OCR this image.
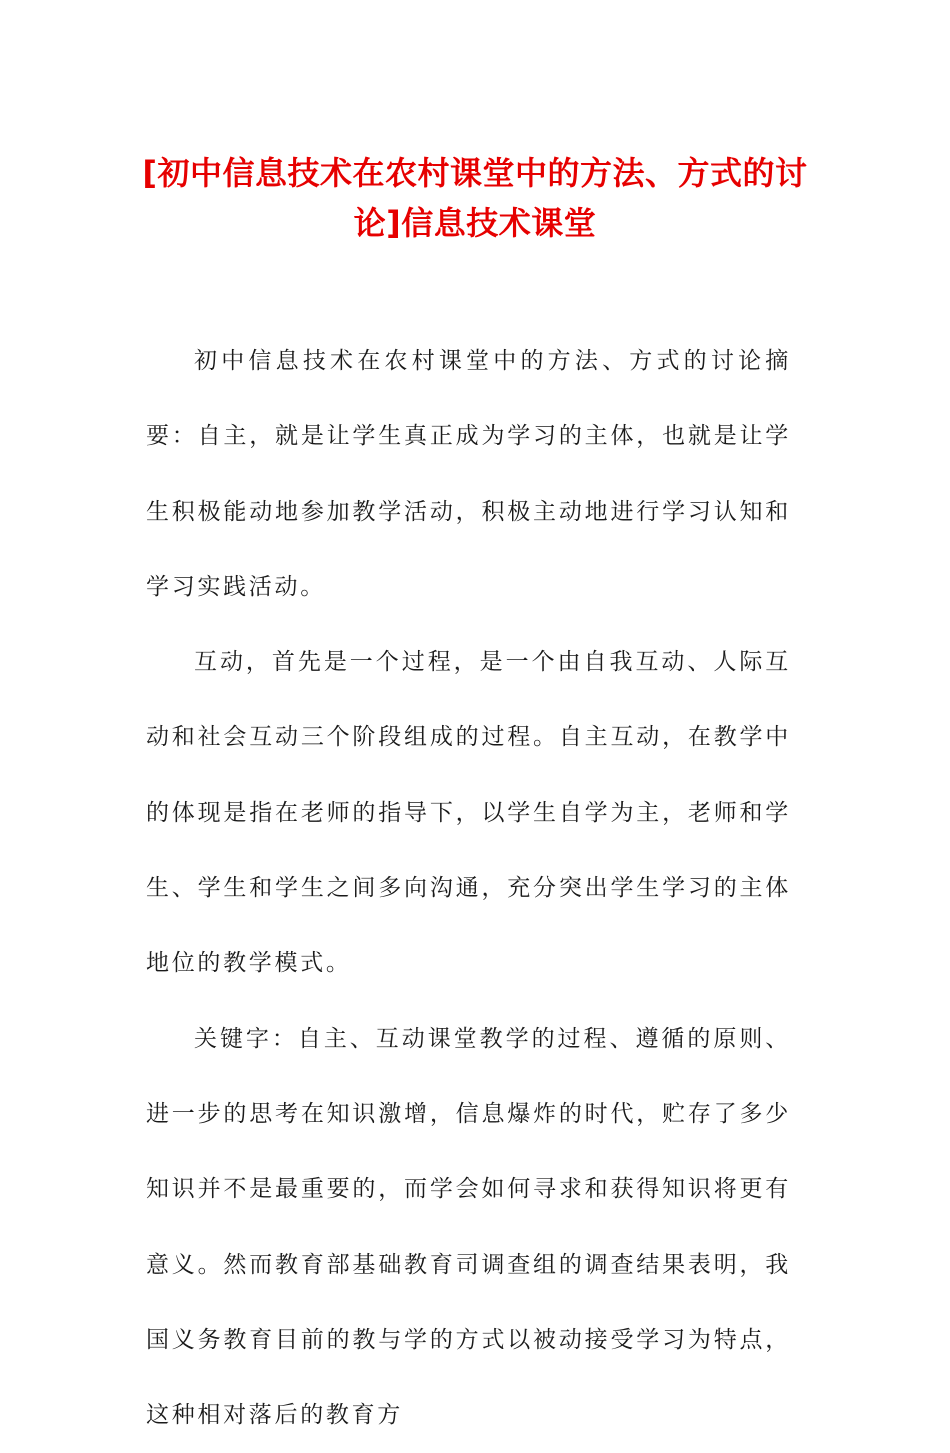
[初中信息技术在农村课堂中的方法、方式的讨论]信息技术课堂

初中信息技术在农村课堂中的方法、方式的讨论摘要：自主，就是让学生真正成为学习的主体，也就是让学生积极能动地参加教学活动，积极主动地进行学习认知和学习实践活动。

互动，首先是一个过程，是一个由自我互动、人际互动和社会互动三个阶段组成的过程。自主互动，在教学中的体现是指在老师的指导下，以学生自学为主，老师和学生、学生和学生之间多向沟通，充分突出学生学习的主体地位的教学模式。

关键字：自主、互动课堂教学的过程、遵循的原则、进一步的思考在知识激增，信息爆炸的时代，贮存了多少知识并不是最重要的，而学会如何寻求和获得知识将更有意义。然而教育部基础教育司调查组的调查结果表明，我国义务教育目前的教与学的方式以被动接受学习为特点，这种相对落后的教育方
